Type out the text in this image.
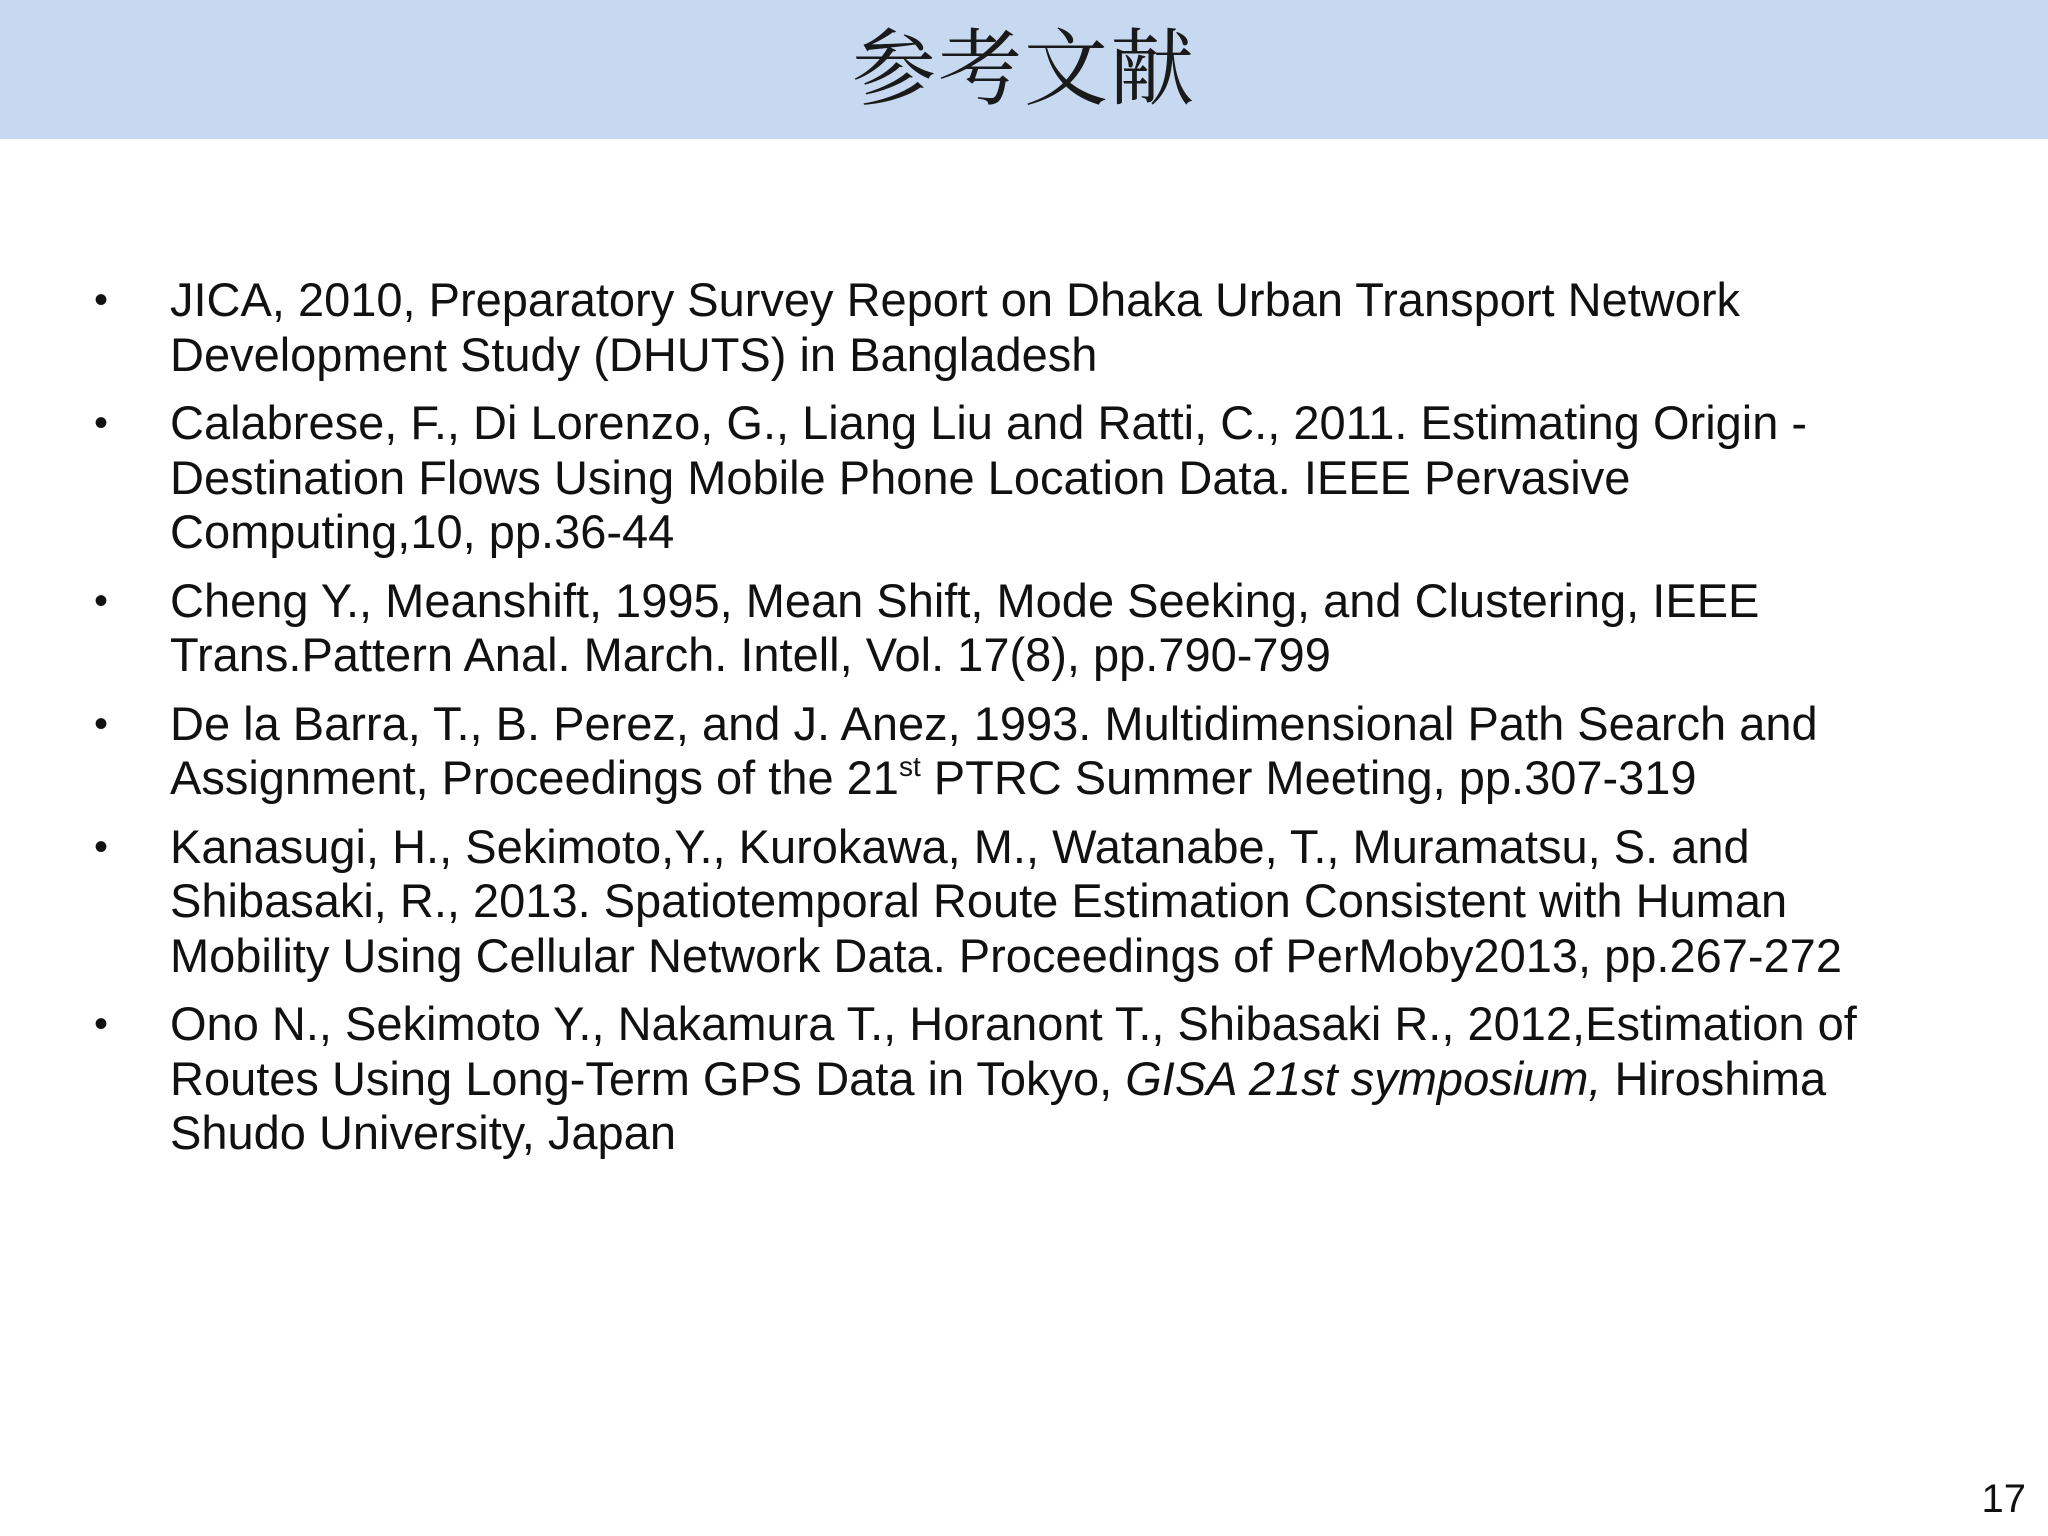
参考文献
•	JICA, 2010, Preparatory Survey Report on Dhaka Urban Transport Network Development Study (DHUTS) in Bangladesh
•	Calabrese, F., Di Lorenzo, G., Liang Liu and Ratti, C., 2011. Estimating Origin -Destination Flows Using Mobile Phone Location Data. IEEE Pervasive Computing,10, pp.36-44
•	Cheng Y., Meanshift, 1995, Mean Shift, Mode Seeking, and Clustering, IEEE Trans.Pattern Anal. March. Intell, Vol. 17(8), pp.790-799
•	De la Barra, T., B. Perez, and J. Anez, 1993. Multidimensional Path Search and Assignment, Proceedings of the 21st PTRC Summer Meeting, pp.307-319
•	Kanasugi, H., Sekimoto,Y., Kurokawa, M., Watanabe, T., Muramatsu, S. and Shibasaki, R., 2013. Spatiotemporal Route Estimation Consistent with Human Mobility Using Cellular Network Data. Proceedings of PerMoby2013, pp.267-272
•	Ono N., Sekimoto Y., Nakamura T., Horanont T., Shibasaki R., 2012,Estimation of Routes Using Long-Term GPS Data in Tokyo, GISA 21st symposium, Hiroshima Shudo University, Japan
17
